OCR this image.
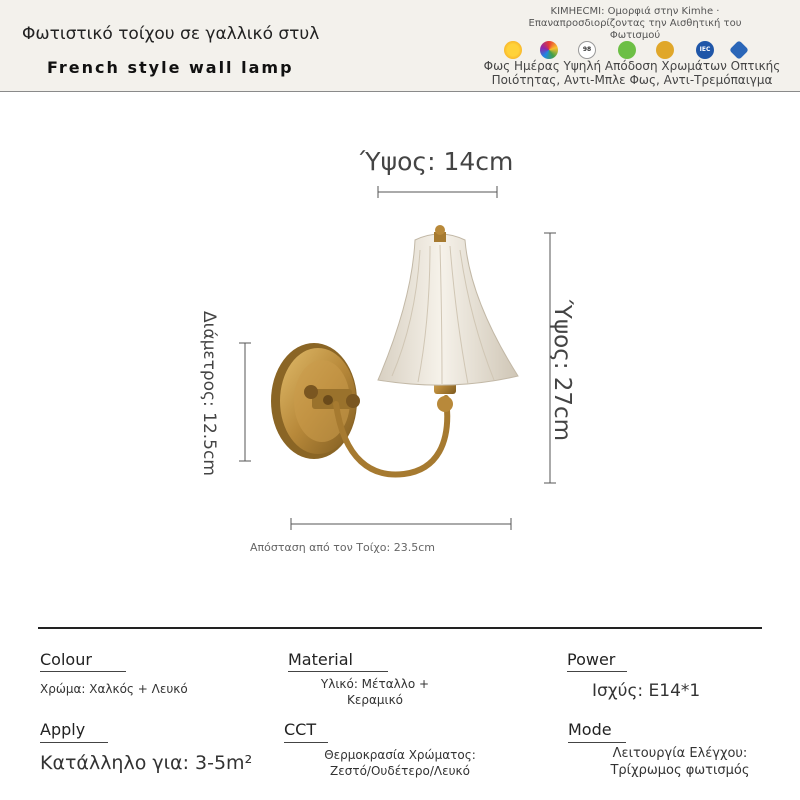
Φωτιστικό τοίχου σε γαλλικό στυλ
French style wall lamp
KIMHECMI: Ομορφιά στην Kimhe ·
Επαναπροσδιορίζοντας την Αισθητική του
Φωτισμού
98	IEC
Φως Ημέρας Υψηλή Απόδοση Χρωμάτων Οπτικής
Ποιότητας, Αντι-Μπλε Φως, Αντι-Τρεμόπαιγμα
Ύψος: 14cm
Ύψος: 27cm
Διάμετρος: 12.5cm
Απόσταση από τον Τοίχο: 23.5cm
Colour
Χρώμα: Χαλκός + Λευκό
Material
Υλικό: Μέταλλο +
Κεραμικό
Power
Ισχύς: E14*1
Apply
Κατάλληλο για: 3-5m²
CCT
Θερμοκρασία Χρώματος:
Ζεστό/Ουδέτερο/Λευκό
Mode
Λειτουργία Ελέγχου:
Τρίχρωμος φωτισμός
